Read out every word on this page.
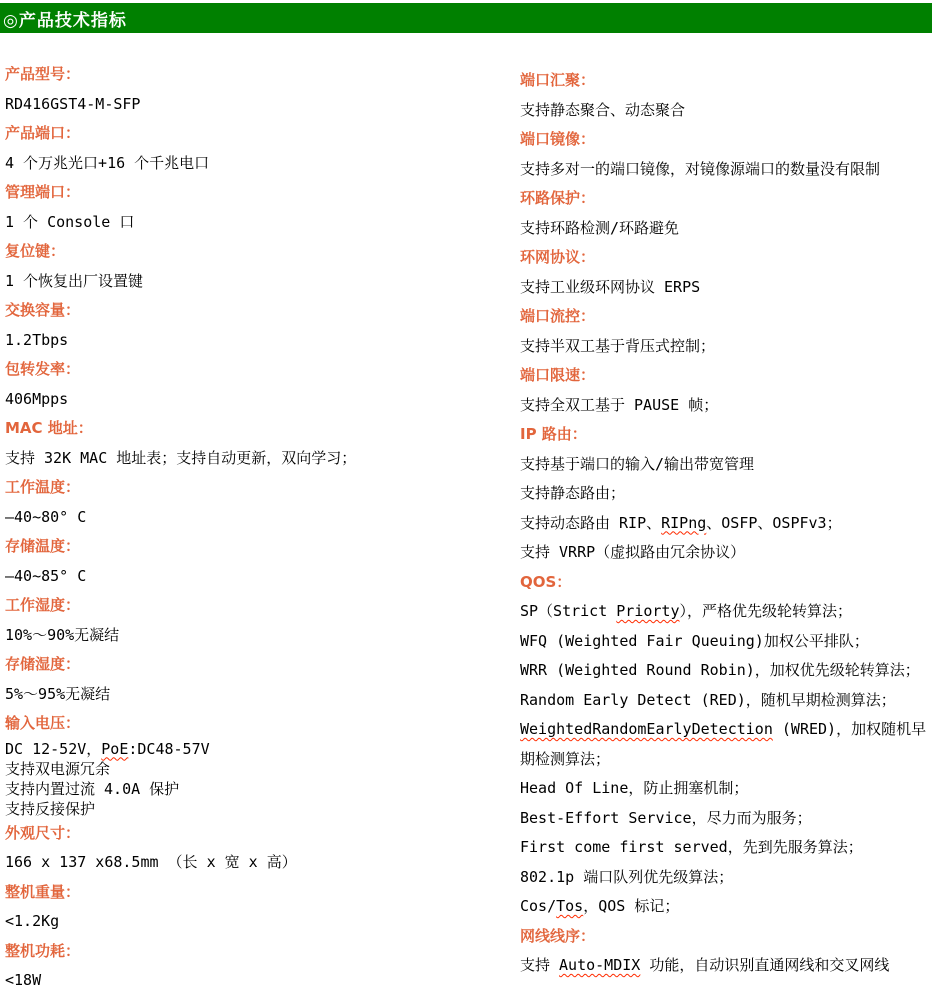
◎产品技术指标
产品型号：
RD416GST4-M-SFP
产品端口：
4 个万兆光口+16 个千兆电口
管理端口：
1 个 Console 口
复位键：
1 个恢复出厂设置键
交换容量：
1.2Tbps
包转发率：
406Mpps
MAC 地址：
支持 32K MAC 地址表；支持自动更新，双向学习；
工作温度：
—40~80° C
存储温度：
—40~85° C
工作湿度：
10%～90%无凝结
存储湿度：
5%～95%无凝结
输入电压：
DC 12-52V，PoE:DC48-57V
支持双电源冗余
支持内置过流 4.0A 保护
支持反接保护
外观尺寸：
166 x 137 x68.5mm （长 x 宽 x 高）
整机重量：
<1.2Kg
整机功耗：
<18W
端口汇聚：
支持静态聚合、动态聚合
端口镜像：
支持多对一的端口镜像，对镜像源端口的数量没有限制
环路保护：
支持环路检测/环路避免
环网协议：
支持工业级环网协议 ERPS
端口流控：
支持半双工基于背压式控制；
端口限速：
支持全双工基于 PAUSE 帧；
IP 路由：
支持基于端口的输入/输出带宽管理
支持静态路由；
支持动态路由 RIP、RIPng、OSFP、OSPFv3；
支持 VRRP（虚拟路由冗余协议）
QOS：
SP（Strict Priorty），严格优先级轮转算法；
WFQ (Weighted Fair Queuing)加权公平排队；
WRR (Weighted Round Robin)，加权优先级轮转算法；
Random Early Detect (RED)，随机早期检测算法；
WeightedRandomEarlyDetection (WRED)，加权随机早期检测算法；
Head Of Line，防止拥塞机制；
Best-Effort Service，尽力而为服务；
First come first served，先到先服务算法；
802.1p 端口队列优先级算法；
Cos/Tos，QOS 标记；
网线线序：
支持 Auto-MDIX 功能，自动识别直通网线和交叉网线
